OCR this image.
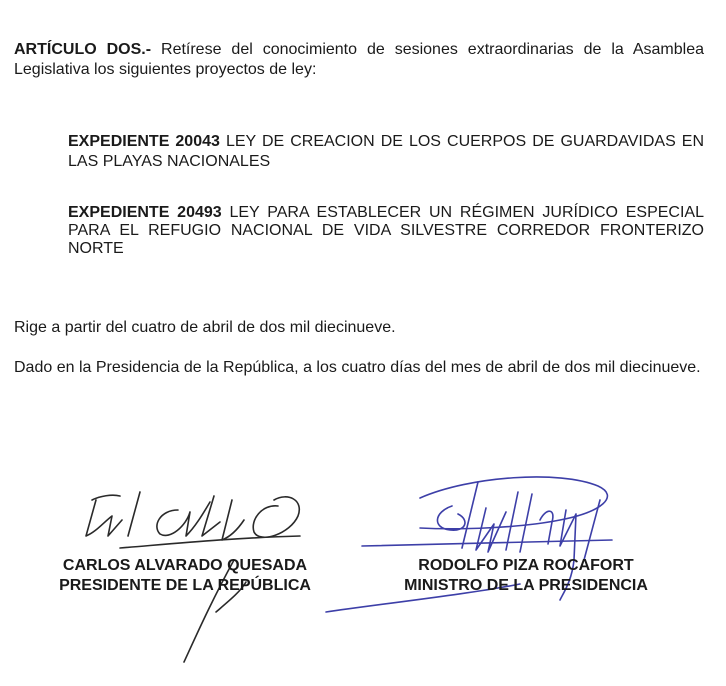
ARTÍCULO DOS.- Retírese del conocimiento de sesiones extraordinarias de la Asamblea Legislativa los siguientes proyectos de ley:
EXPEDIENTE 20043 LEY DE CREACION DE LOS CUERPOS DE GUARDAVIDAS EN LAS PLAYAS NACIONALES
EXPEDIENTE 20493 LEY PARA ESTABLECER UN RÉGIMEN JURÍDICO ESPECIAL PARA EL REFUGIO NACIONAL DE VIDA SILVESTRE CORREDOR FRONTERIZO NORTE
Rige a partir del cuatro de abril de dos mil diecinueve.
Dado en la Presidencia de la República, a los cuatro días del mes de abril de dos mil diecinueve.
CARLOS ALVARADO QUESADA
PRESIDENTE DE LA REPÚBLICA
RODOLFO PIZA ROCAFORT
MINISTRO DE LA PRESIDENCIA
